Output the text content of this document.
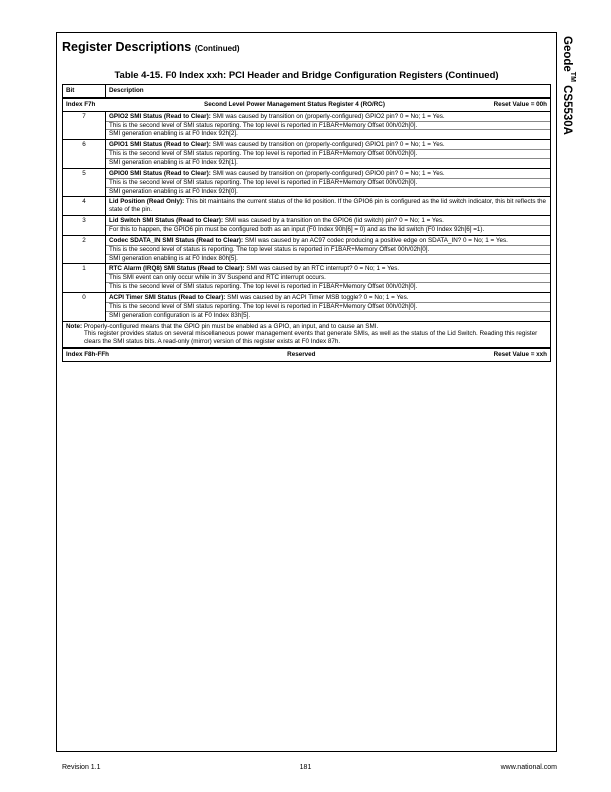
Register Descriptions (Continued)	Geode™ CS5530A
Table 4-15. F0 Index xxh: PCI Header and Bridge Configuration Registers (Continued)
Bit	Description

Index F7h Second Level Power Management Status Register 4 (RO/RC) Reset Value = 00h	

7	GPIO2 SMI Status (Read to Clear): SMI was caused by transition on (properly-configured) GPIO2 pin? 0 = No; 1 = Yes.
This is the second level of SMI status reporting. The top level is reported in F1BAR+Memory Offset 00h/02h[0].
SMI generation enabling is at F0 Index 92h[2].

6	GPIO1 SMI Status (Read to Clear): SMI was caused by transition on (properly-configured) GPIO1 pin? 0 = No; 1 = Yes.
This is the second level of SMI status reporting. The top level is reported in F1BAR+Memory Offset 00h/02h[0].
SMI generation enabling is at F0 Index 92h[1].

5	GPIO0 SMI Status (Read to Clear): SMI was caused by transition on (properly-configured) GPIO0 pin? 0 = No; 1 = Yes.
This is the second level of SMI status reporting. The top level is reported in F1BAR+Memory Offset 00h/02h[0].
SMI generation enabling is at F0 Index 92h[0].

4	Lid Position (Read Only): This bit maintains the current status of the lid position. If the GPIO6 pin is configured as the lid switch indicator, this bit reflects the state of the pin.

3	Lid Switch SMI Status (Read to Clear): SMI was caused by a transition on the GPIO6 (lid switch) pin? 0 = No; 1 = Yes.
For this to happen, the GPIO6 pin must be configured both as an input (F0 Index 90h[6] = 0) and as the lid switch (F0 Index 92h[6] =1).

2	Codec SDATA_IN SMI Status (Read to Clear): SMI was caused by an AC97 codec producing a positive edge on SDATA_IN? 0 = No; 1 = Yes.
This is the second level of status is reporting. The top level status is reported in F1BAR+Memory Offset 00h/02h[0].
SMI generation enabling is at F0 Index 80h[5].

1	RTC Alarm (IRQ8) SMI Status (Read to Clear): SMI was caused by an RTC interrupt? 0 = No; 1 = Yes.
This SMI event can only occur while in 3V Suspend and RTC interrupt occurs.
This is the second level of SMI status reporting. The top level is reported in F1BAR+Memory Offset 00h/02h[0].

0	ACPI Timer SMI Status (Read to Clear): SMI was caused by an ACPI Timer MSB toggle? 0 = No; 1 = Yes.
This is the second level of SMI status reporting. The top level is reported in F1BAR+Memory Offset 00h/02h[0].
SMI generation configuration is at F0 Index 83h[5].

Note: Properly-configured means that the GPIO pin must be enabled as a GPIO, an input, and to cause an SMI.
This register provides status on several miscellaneous power management events that generate SMIs, as well as the status of the Lid Switch. Reading this register clears the SMI status bits. A read-only (mirror) version of this register exists at F0 Index 87h.	

Index F8h-FFh Reserved Reset Value = xxh	
Revision 1.1	181	www.national.com
